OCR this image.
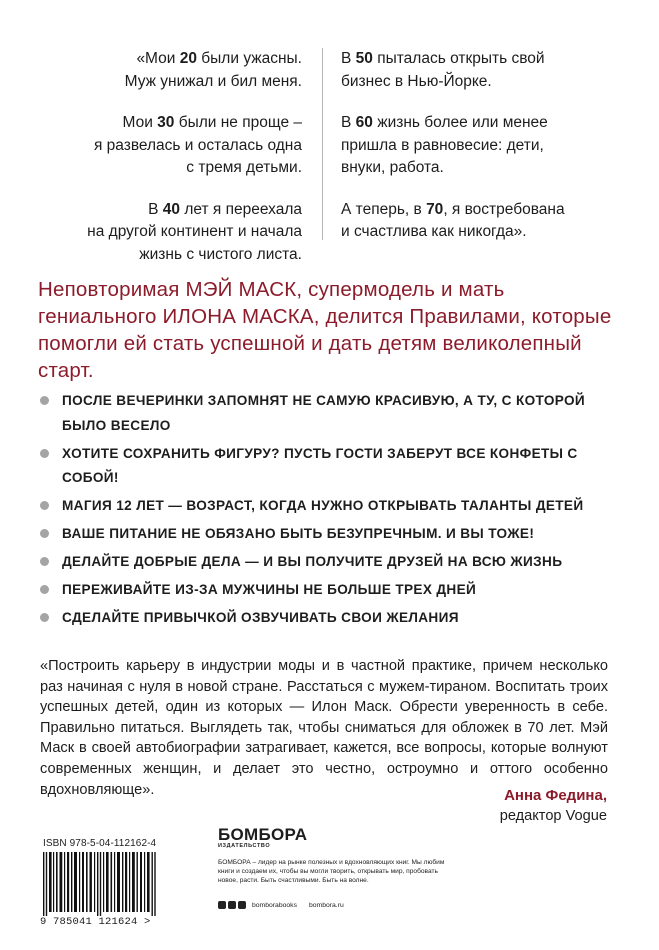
«Мои 20 были ужасны.
Муж унижал и бил меня.

Мои 30 были не проще –
я развелась и осталась одна
с тремя детьми.

В 40 лет я переехала
на другой континент и начала
жизнь с чистого листа.

В 50 пыталась открыть свой
бизнес в Нью-Йорке.

В 60 жизнь более или менее
пришла в равновесие: дети,
внуки, работа.

А теперь, в 70, я востребована
и счастлива как никогда».

Неповторимая МЭЙ МАСК, супермодель и мать гениального ИЛОНА МАСКА, делится Правилами, которые помогли ей стать успешной и дать детям великолепный старт.
ПОСЛЕ ВЕЧЕРИНКИ ЗАПОМНЯТ НЕ САМУЮ КРАСИВУЮ, А ТУ, С КОТОРОЙ БЫЛО ВЕСЕЛО
ХОТИТЕ СОХРАНИТЬ ФИГУРУ? ПУСТЬ ГОСТИ ЗАБЕРУТ ВСЕ КОНФЕТЫ С СОБОЙ!
МАГИЯ 12 ЛЕТ — ВОЗРАСТ, КОГДА НУЖНО ОТКРЫВАТЬ ТАЛАНТЫ ДЕТЕЙ
ВАШЕ ПИТАНИЕ НЕ ОБЯЗАНО БЫТЬ БЕЗУПРЕЧНЫМ. И ВЫ ТОЖЕ!
ДЕЛАЙТЕ ДОБРЫЕ ДЕЛА — И ВЫ ПОЛУЧИТЕ ДРУЗЕЙ НА ВСЮ ЖИЗНЬ
ПЕРЕЖИВАЙТЕ ИЗ-ЗА МУЖЧИНЫ НЕ БОЛЬШЕ ТРЕХ ДНЕЙ
СДЕЛАЙТЕ ПРИВЫЧКОЙ ОЗВУЧИВАТЬ СВОИ ЖЕЛАНИЯ

«Построить карьеру в индустрии моды и в частной практике, причем несколько раз начиная с нуля в новой стране. Расстаться с мужем-тираном. Воспитать троих успешных детей, один из которых — Илон Маск. Обрести уверенность в себе. Правильно питаться. Выглядеть так, чтобы сниматься для обложек в 70 лет. Мэй Маск в своей автобиографии затрагивает, кажется, все вопросы, которые волнуют современных женщин, и делает это честно, остроумно и оттого особенно вдохновляюще».	Анна Федина,
редактор Vogue
ISBN 978-5-04-112162-4
9 785041 121624 >
БОМБОРА
ИЗДАТЕЛЬСТВО

БОМБОРА – лидер на рынке полезных и вдохновляющих книг. Мы любим книги и создаем их, чтобы вы могли творить, открывать мир, пробовать новое, расти. Быть счастливыми. Быть на волне.

bomborabooks bombora.ru
